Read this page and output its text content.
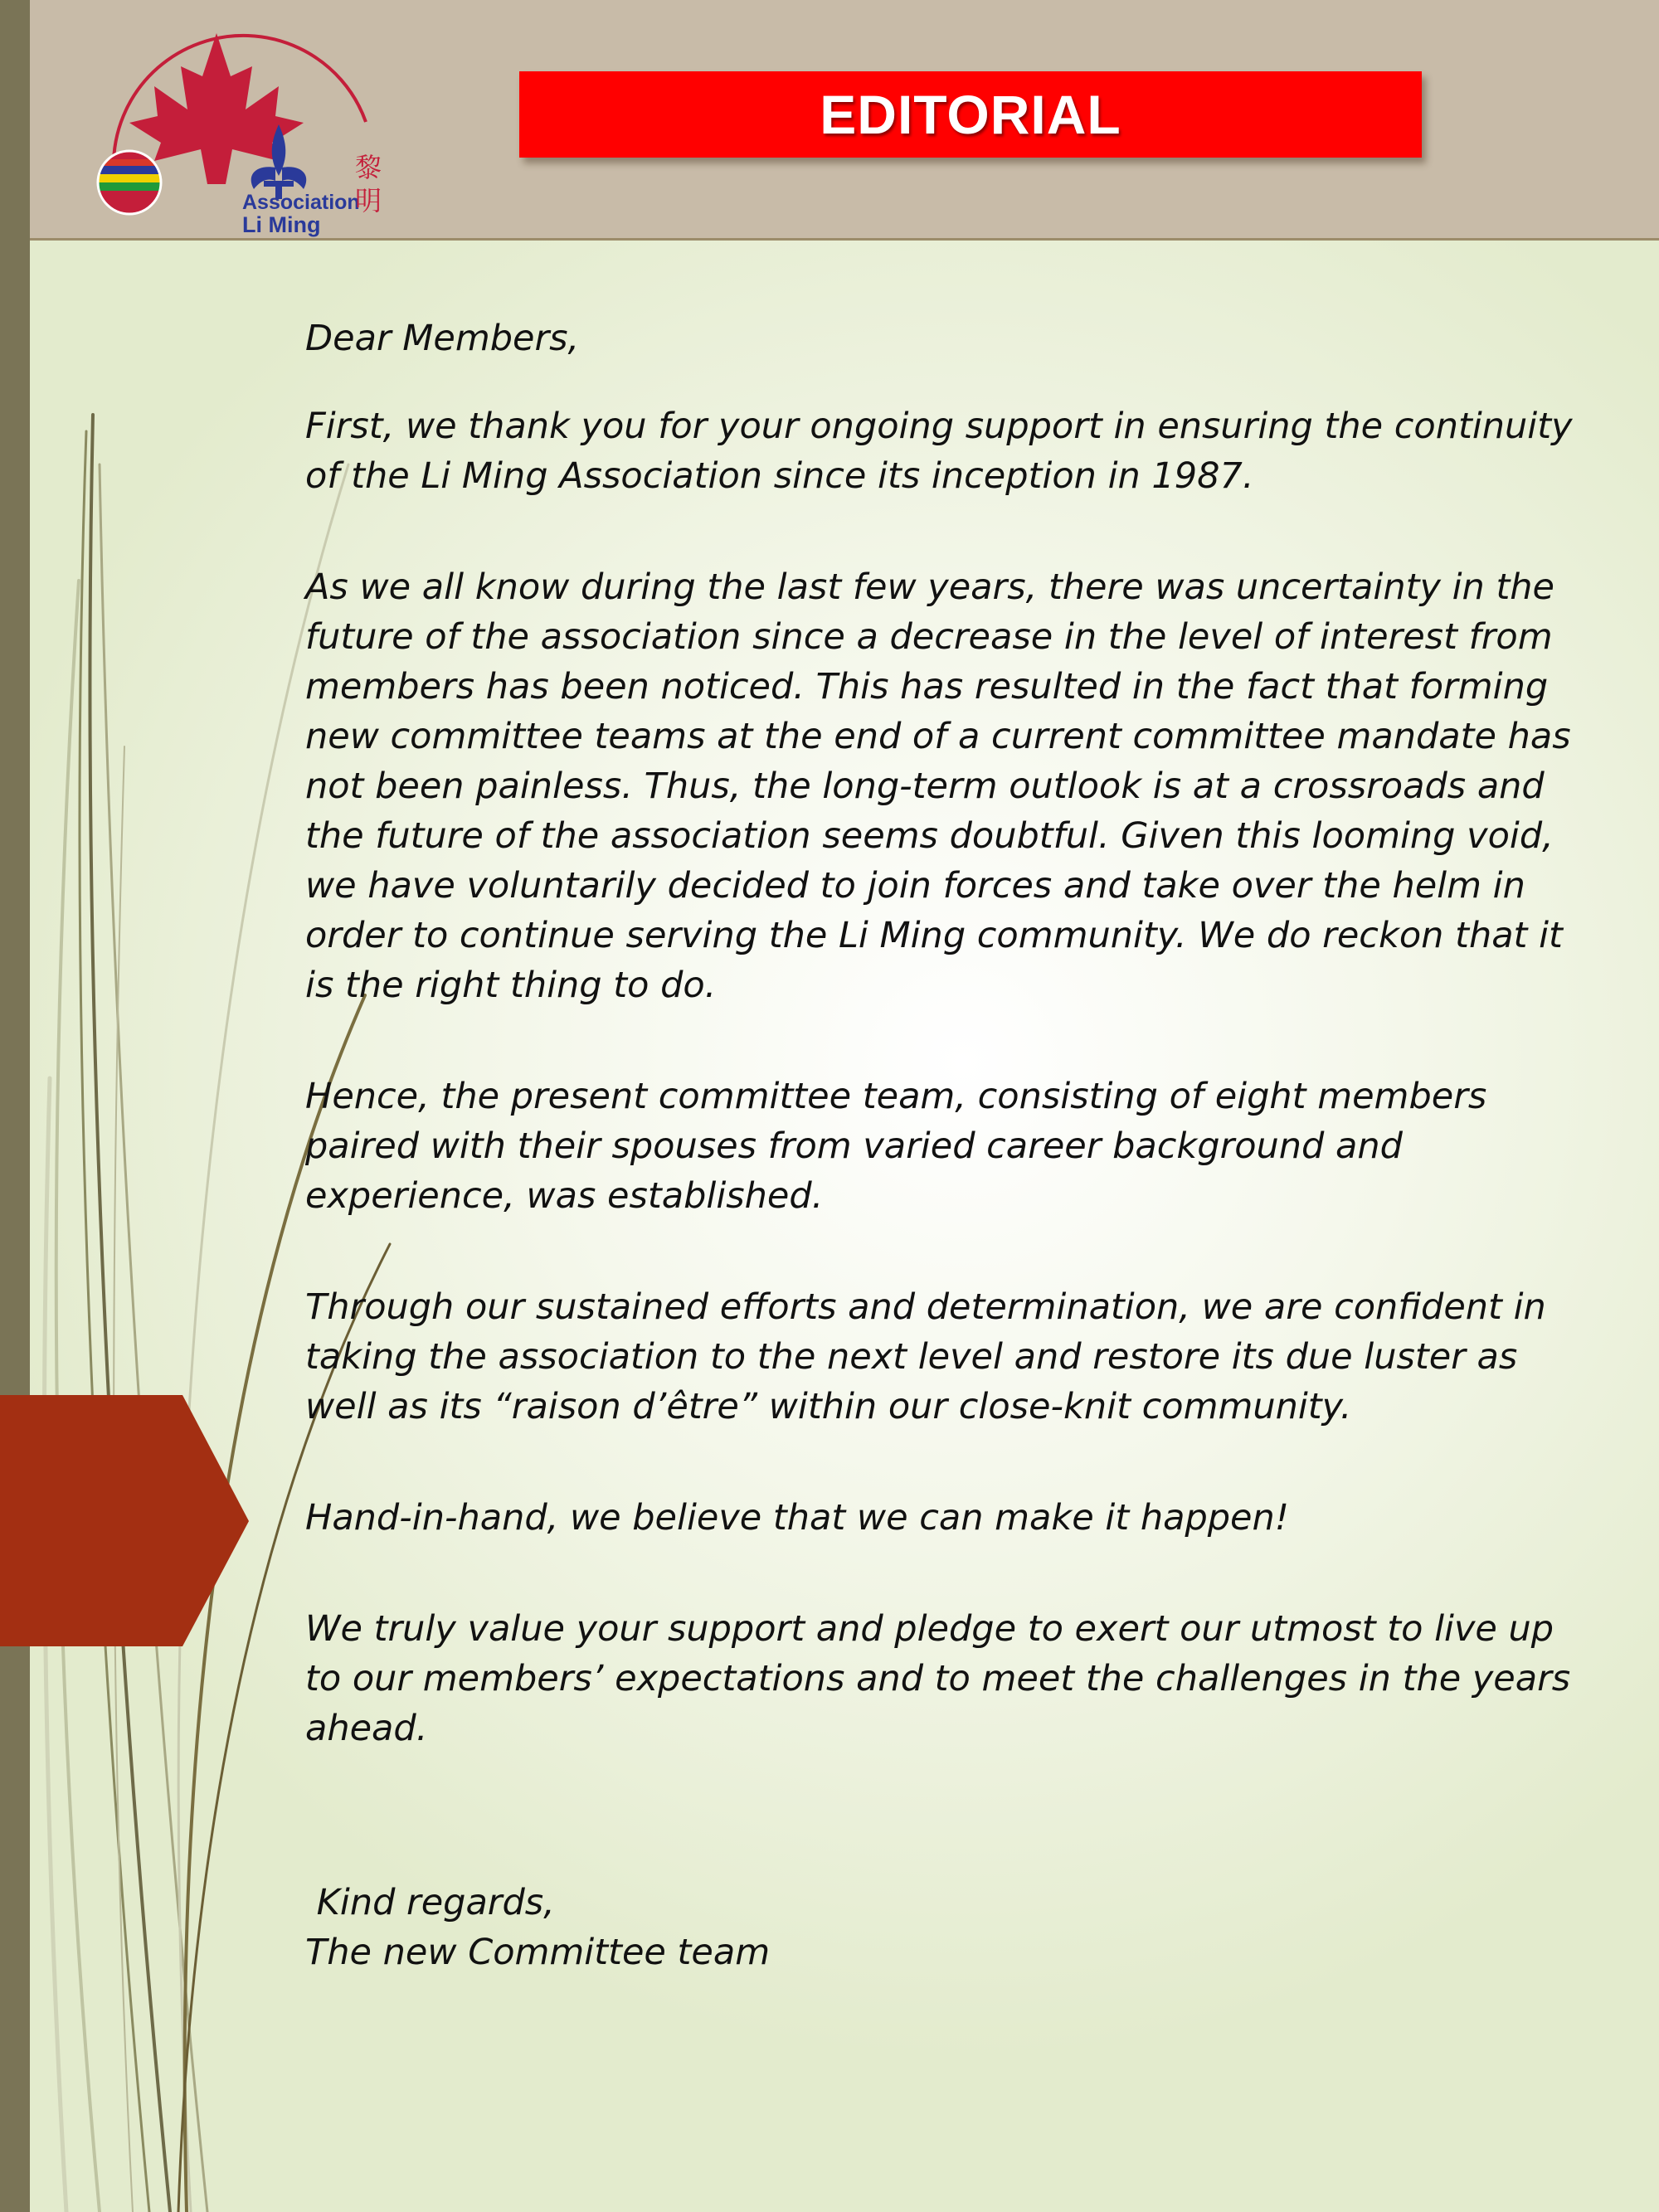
Association
Li Ming
黎
明
EDITORIAL

Dear Members,

First, we thank you for your ongoing support in ensuring the continuity of the Li Ming Association since its inception in 1987.

As we all know during the last few years, there was uncertainty in the future of the association since a decrease in the level of interest from members has been noticed. This has resulted in the fact that forming new committee teams at the end of a current committee mandate has not been painless. Thus, the long-term outlook is at a crossroads and the future of the association seems doubtful. Given this looming void, we have voluntarily decided to join forces and take over the helm in order to continue serving the Li Ming community. We do reckon that it is the right thing to do.

Hence, the present committee team, consisting of eight members paired with their spouses from varied career background and experience, was established.

Through our sustained efforts and determination, we are confident in taking the association to the next level and restore its due luster as well as its “raison d’être” within our close-knit community.

Hand-in-hand, we believe that we can make it happen!

We truly value your support and pledge to exert our utmost to live up to our members’ expectations and to meet the challenges in the years ahead.

Kind regards,

The new Committee team
